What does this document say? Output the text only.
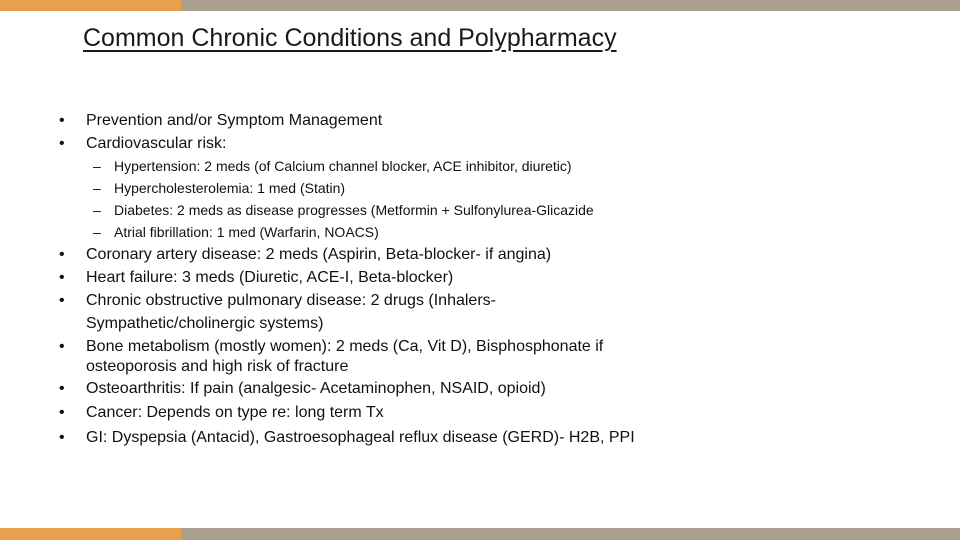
Common Chronic Conditions and Polypharmacy
• Prevention and/or Symptom Management
• Cardiovascular risk:
– Hypertension: 2 meds (of Calcium channel blocker, ACE inhibitor, diuretic)
– Hypercholesterolemia: 1 med (Statin)
– Diabetes: 2 meds as disease progresses (Metformin + Sulfonylurea-Glicazide
– Atrial fibrillation: 1 med (Warfarin, NOACS)
• Coronary artery disease: 2 meds (Aspirin, Beta-blocker- if angina)
• Heart failure: 3 meds (Diuretic, ACE-I, Beta-blocker)
• Chronic obstructive pulmonary disease: 2 drugs (Inhalers-
Sympathetic/cholinergic systems)
• Bone metabolism (mostly women): 2 meds (Ca, Vit D), Bisphosphonate if
osteoporosis and high risk of fracture
• Osteoarthritis: If pain (analgesic- Acetaminophen, NSAID, opioid)
• Cancer: Depends on type re: long term Tx
• GI: Dyspepsia (Antacid), Gastroesophageal reflux disease (GERD)- H2B, PPI
